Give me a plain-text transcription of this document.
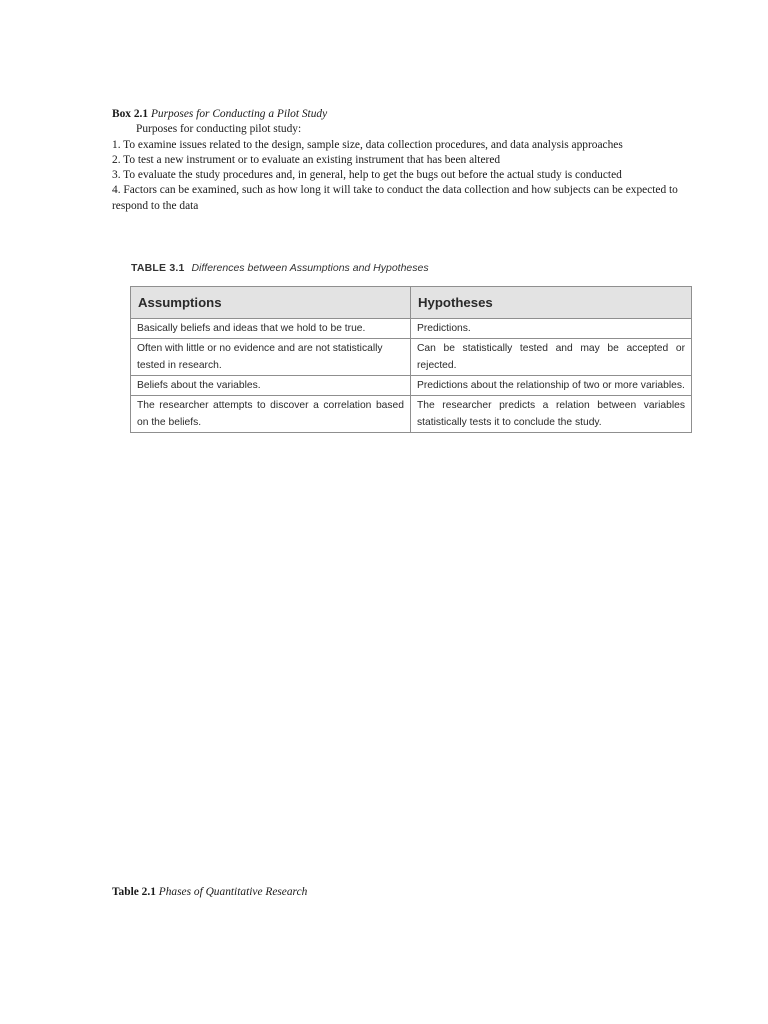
Box 2.1 Purposes for Conducting a Pilot Study
Purposes for conducting pilot study:
1. To examine issues related to the design, sample size, data collection procedures, and data analysis approaches
2. To test a new instrument or to evaluate an existing instrument that has been altered
3. To evaluate the study procedures and, in general, help to get the bugs out before the actual study is conducted
4. Factors can be examined, such as how long it will take to conduct the data collection and how subjects can be expected to respond to the data
TABLE 3.1 Differences between Assumptions and Hypotheses
Assumptions	Hypotheses
Basically beliefs and ideas that we hold to be true.	Predictions.
Often with little or no evidence and are not statistically tested in research.	Can be statistically tested and may be accepted or rejected.
Beliefs about the variables.	Predictions about the relationship of two or more variables.
The researcher attempts to discover a correlation based on the beliefs.	The researcher predicts a relation between variables statistically tests it to conclude the study.
Table 2.1 Phases of Quantitative Research
